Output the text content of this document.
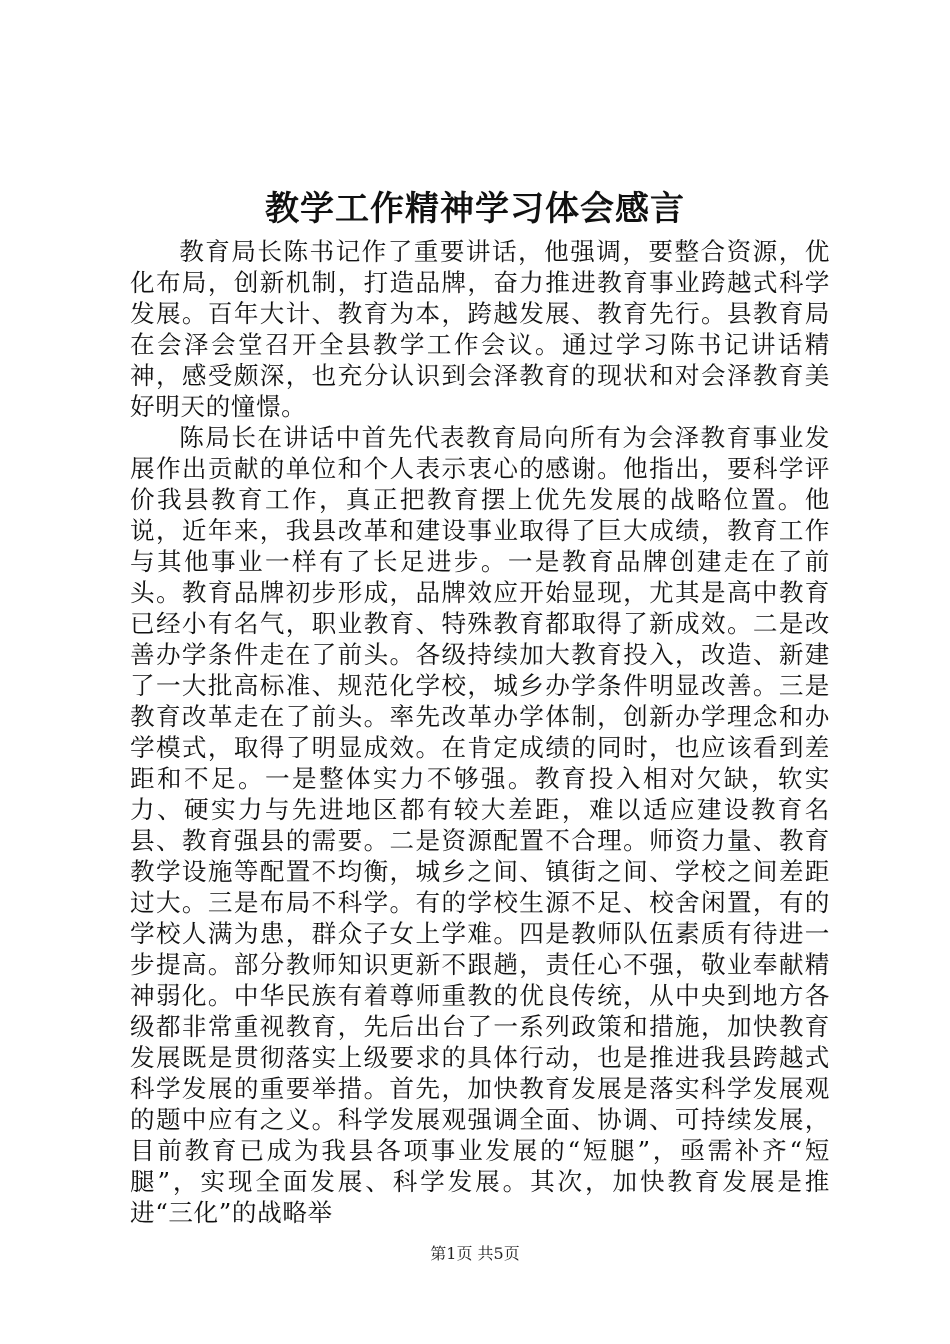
教学工作精神学习体会感言

教育局长陈书记作了重要讲话，他强调，要整合资源，优化布局，创新机制，打造品牌，奋力推进教育事业跨越式科学发展。百年大计、教育为本，跨越发展、教育先行。县教育局在会泽会堂召开全县教学工作会议。通过学习陈书记讲话精神，感受颇深，也充分认识到会泽教育的现状和对会泽教育美好明天的憧憬。

陈局长在讲话中首先代表教育局向所有为会泽教育事业发展作出贡献的单位和个人表示衷心的感谢。他指出，要科学评价我县教育工作，真正把教育摆上优先发展的战略位置。他说，近年来，我县改革和建设事业取得了巨大成绩，教育工作与其他事业一样有了长足进步。一是教育品牌创建走在了前头。教育品牌初步形成，品牌效应开始显现，尤其是高中教育已经小有名气，职业教育、特殊教育都取得了新成效。二是改善办学条件走在了前头。各级持续加大教育投入，改造、新建了一大批高标准、规范化学校，城乡办学条件明显改善。三是教育改革走在了前头。率先改革办学体制，创新办学理念和办学模式，取得了明显成效。在肯定成绩的同时，也应该看到差距和不足。一是整体实力不够强。教育投入相对欠缺，软实力、硬实力与先进地区都有较大差距，难以适应建设教育名县、教育强县的需要。二是资源配置不合理。师资力量、教育教学设施等配置不均衡，城乡之间、镇街之间、学校之间差距过大。三是布局不科学。有的学校生源不足、校舍闲置，有的学校人满为患，群众子女上学难。四是教师队伍素质有待进一步提高。部分教师知识更新不跟趟，责任心不强，敬业奉献精神弱化。中华民族有着尊师重教的优良传统，从中央到地方各级都非常重视教育，先后出台了一系列政策和措施，加快教育发展既是贯彻落实上级要求的具体行动，也是推进我县跨越式科学发展的重要举措。首先，加快教育发展是落实科学发展观的题中应有之义。科学发展观强调全面、协调、可持续发展，目前教育已成为我县各项事业发展的“短腿”，亟需补齐“短腿”，实现全面发展、科学发展。其次，加快教育发展是推进“三化”的战略举

第1页 共5页
